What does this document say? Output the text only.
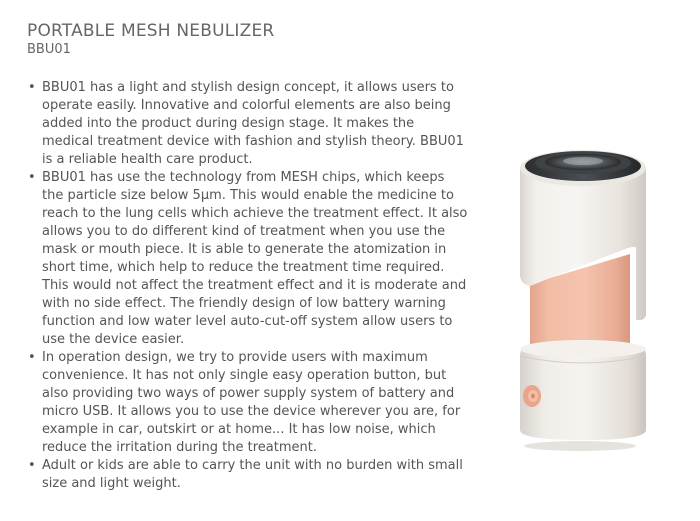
PORTABLE MESH NEBULIZER
BBU01
• BBU01 has a light and stylish design concept, it allows users to operate easily. Innovative and colorful elements are also being added into the product during design stage. It makes the medical treatment device with fashion and stylish theory. BBU01 is a reliable health care product.
• BBU01 has use the technology from MESH chips, which keeps the particle size below 5μm. This would enable the medicine to reach to the lung cells which achieve the treatment effect. It also allows you to do different kind of treatment when you use the mask or mouth piece. It is able to generate the atomization in short time, which help to reduce the treatment time required. This would not affect the treatment effect and it is moderate and with no side effect. The friendly design of low battery warning function and low water level auto-cut-off system allow users to use the device easier.
• In operation design, we try to provide users with maximum convenience. It has not only single easy operation button, but also providing two ways of power supply system of battery and micro USB. It allows you to use the device wherever you are, for example in car, outskirt or at home... It has low noise, which reduce the irritation during the treatment.
• Adult or kids are able to carry the unit with no burden with small size and light weight.
